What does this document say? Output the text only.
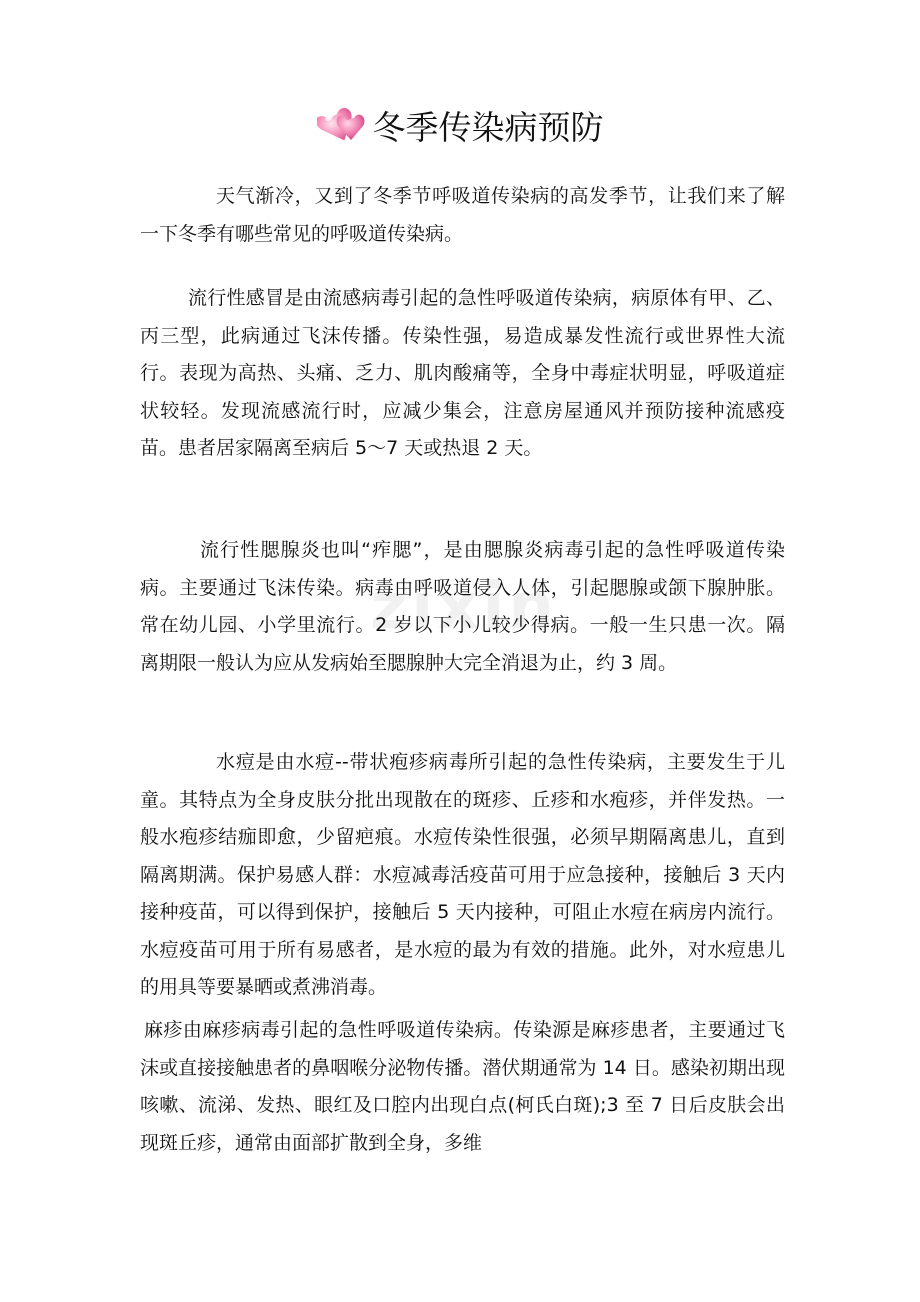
冬季传染病预防
zixin

天气渐冷，又到了冬季节呼吸道传染病的高发季节，让我们来了解一下冬季有哪些常见的呼吸道传染病。

流行性感冒是由流感病毒引起的急性呼吸道传染病，病原体有甲、乙、丙三型，此病通过飞沫传播。传染性强，易造成暴发性流行或世界性大流行。表现为高热、头痛、乏力、肌肉酸痛等，全身中毒症状明显，呼吸道症状较轻。发现流感流行时，应减少集会，注意房屋通风并预防接种流感疫苗。患者居家隔离至病后 5～7 天或热退 2 天。

流行性腮腺炎也叫“痄腮”，是由腮腺炎病毒引起的急性呼吸道传染病。主要通过飞沫传染。病毒由呼吸道侵入人体，引起腮腺或颌下腺肿胀。常在幼儿园、小学里流行。2 岁以下小儿较少得病。一般一生只患一次。隔离期限一般认为应从发病始至腮腺肿大完全消退为止，约 3 周。

水痘是由水痘--带状疱疹病毒所引起的急性传染病，主要发生于儿童。其特点为全身皮肤分批出现散在的斑疹、丘疹和水疱疹，并伴发热。一般水疱疹结痂即愈，少留疤痕。水痘传染性很强，必须早期隔离患儿，直到隔离期满。保护易感人群：水痘减毒活疫苗可用于应急接种，接触后 3 天内接种疫苗，可以得到保护，接触后 5 天内接种，可阻止水痘在病房内流行。水痘疫苗可用于所有易感者，是水痘的最为有效的措施。此外，对水痘患儿的用具等要暴晒或煮沸消毒。

麻疹由麻疹病毒引起的急性呼吸道传染病。传染源是麻疹患者，主要通过飞沫或直接接触患者的鼻咽喉分泌物传播。潜伏期通常为 14 日。感染初期出现咳嗽、流涕、发热、眼红及口腔内出现白点(柯氏白斑);3 至 7 日后皮肤会出现斑丘疹，通常由面部扩散到全身，多维
